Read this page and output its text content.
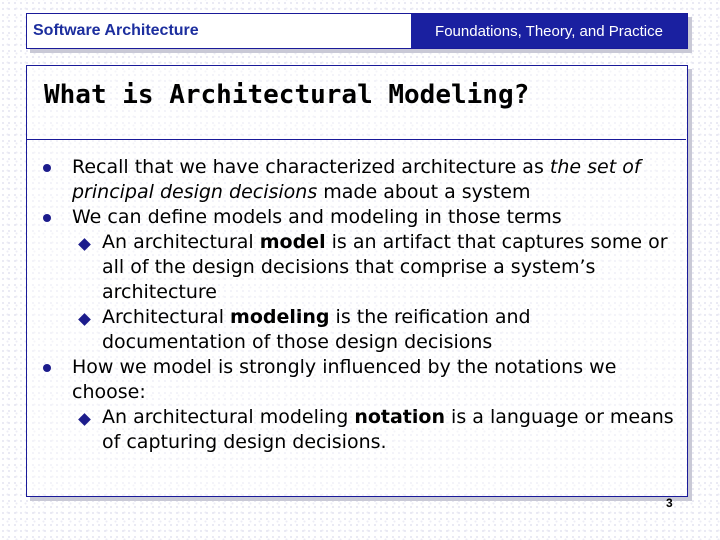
Software Architecture	Foundations, Theory, and Practice
What is Architectural Modeling?
Recall that we have characterized architecture as the set of principal design decisions made about a system
We can define models and modeling in those terms
An architectural model is an artifact that captures some or all of the design decisions that comprise a system’s architecture
Architectural modeling is the reification and documentation of those design decisions
How we model is strongly influenced by the notations we choose:
An architectural modeling notation is a language or means of capturing design decisions.
3
